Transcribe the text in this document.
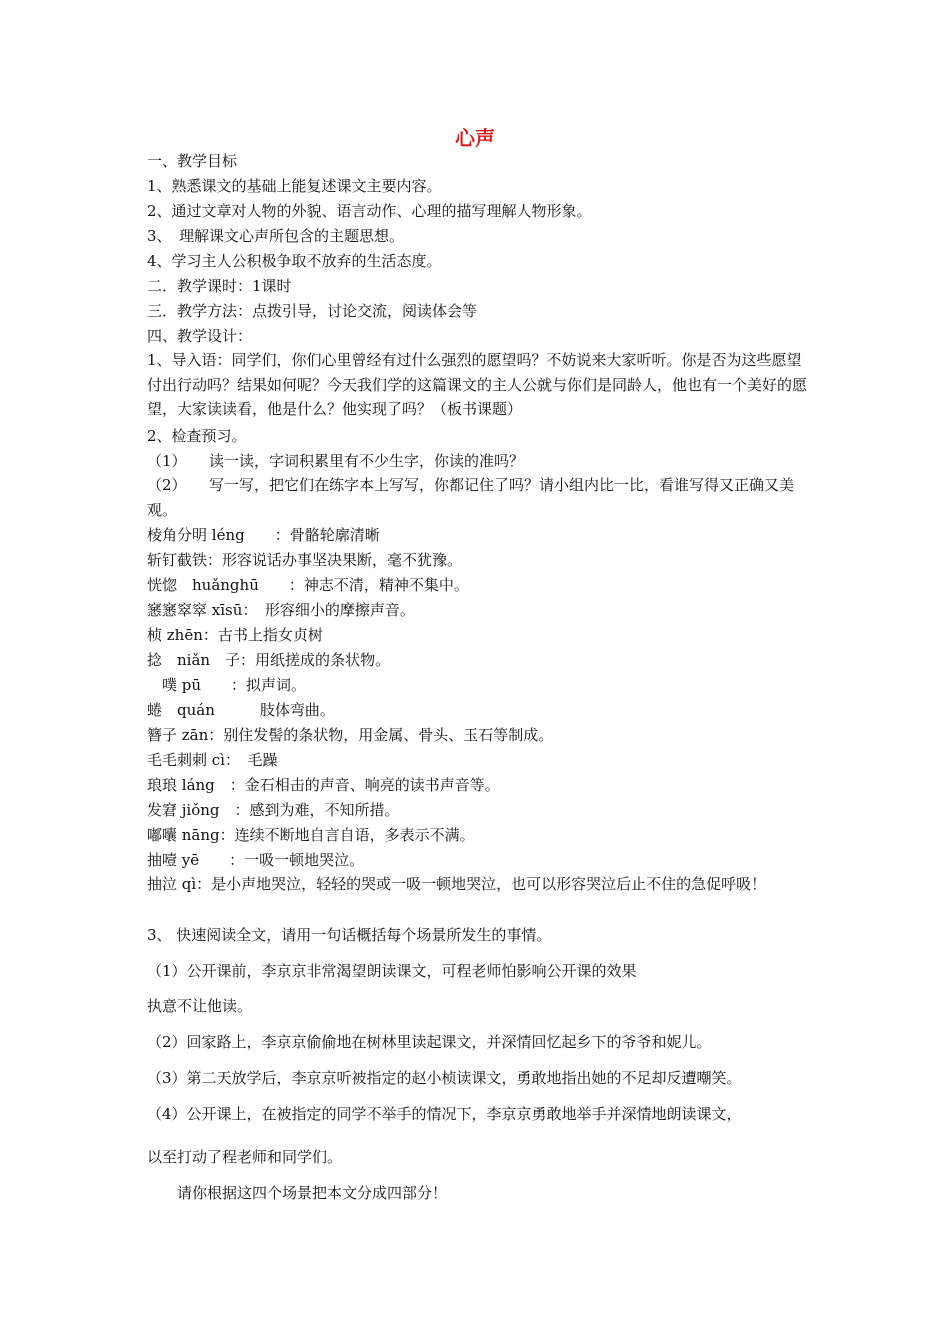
心声
一、教学目标
1、熟悉课文的基础上能复述课文主要内容。
2、通过文章对人物的外貌、语言动作、心理的描写理解人物形象。
3、　理解课文心声所包含的主题思想。
4、学习主人公积极争取不放弃的生活态度。
二．教学课时：1课时
三．教学方法：点拨引导，讨论交流，阅读体会等
四、教学设计：
1、导入语：同学们，你们心里曾经有过什么强烈的愿望吗？不妨说来大家听听。你是否为这些愿望付出行动吗？结果如何呢？今天我们学的这篇课文的主人公就与你们是同龄人，他也有一个美好的愿望，大家读读看，他是什么？他实现了吗？（板书课题）
2、检查预习。
（1）　　读一读，字词积累里有不少生字，你读的准吗？
（2）　　写一写，把它们在练字本上写写，你都记住了吗？请小组内比一比，看谁写得又正确又美观。
棱角分明 léng　　：骨骼轮廓清晰
斩钉截铁：形容说话办事坚决果断，毫不犹豫。
恍惚　huǎnghū　　：神志不清，精神不集中。
窸窸窣窣 xīsū：　形容细小的摩擦声音。
桢 zhēn：古书上指女贞树
捻　niǎn　子：用纸搓成的条状物。
　噗 pū　　：拟声词。
蜷　quán　　　肢体弯曲。
簪子 zān：别住发髻的条状物，用金属、骨头、玉石等制成。
毛毛刺刺 cì：　毛躁
琅琅 láng　：金石相击的声音、响亮的读书声音等。
发窘 jiǒng　：感到为难，不知所措。
嘟囔 nāng：连续不断地自言自语，多表示不满。
抽噎 yē　　：一吸一顿地哭泣。
抽泣 qì：是小声地哭泣，轻轻的哭或一吸一顿地哭泣，也可以形容哭泣后止不住的急促呼吸！
3、 快速阅读全文，请用一句话概括每个场景所发生的事情。
（1）公开课前，李京京非常渴望朗读课文，可程老师怕影响公开课的效果
执意不让他读。
（2）回家路上，李京京偷偷地在树林里读起课文，并深情回忆起乡下的爷爷和妮儿。
（3）第二天放学后，李京京听被指定的赵小桢读课文，勇敢地指出她的不足却反遭嘲笑。
（4）公开课上，在被指定的同学不举手的情况下，李京京勇敢地举手并深情地朗读课文，
以至打动了程老师和同学们。
　　请你根据这四个场景把本文分成四部分！
